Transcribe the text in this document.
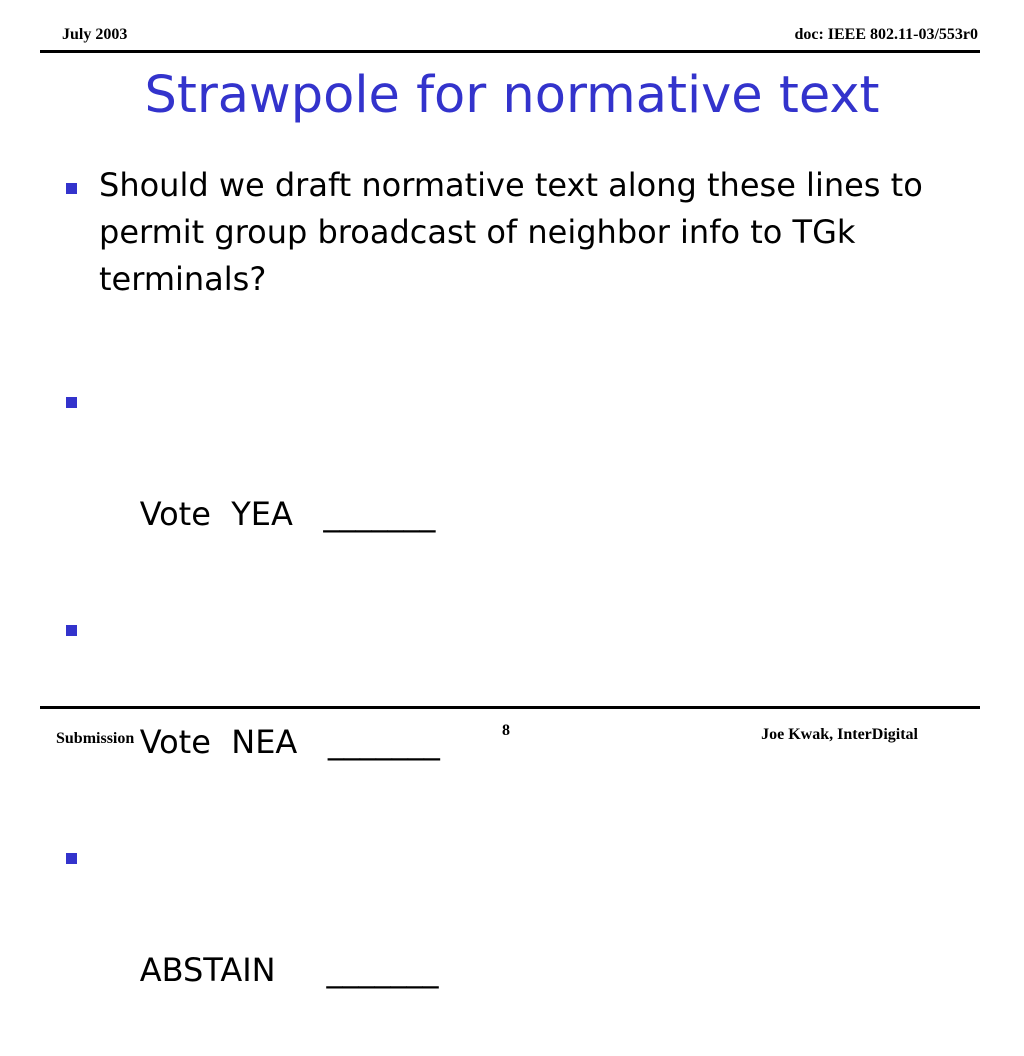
July 2003	doc: IEEE 802.11-03/553r0
Strawpole for normative text
Should we draft normative text along these lines to permit group broadcast of neighbor info to TGk terminals?

Vote  YEA   _______

Vote  NEA   _______

ABSTAIN     _______

Submission	8	Joe Kwak, InterDigital
